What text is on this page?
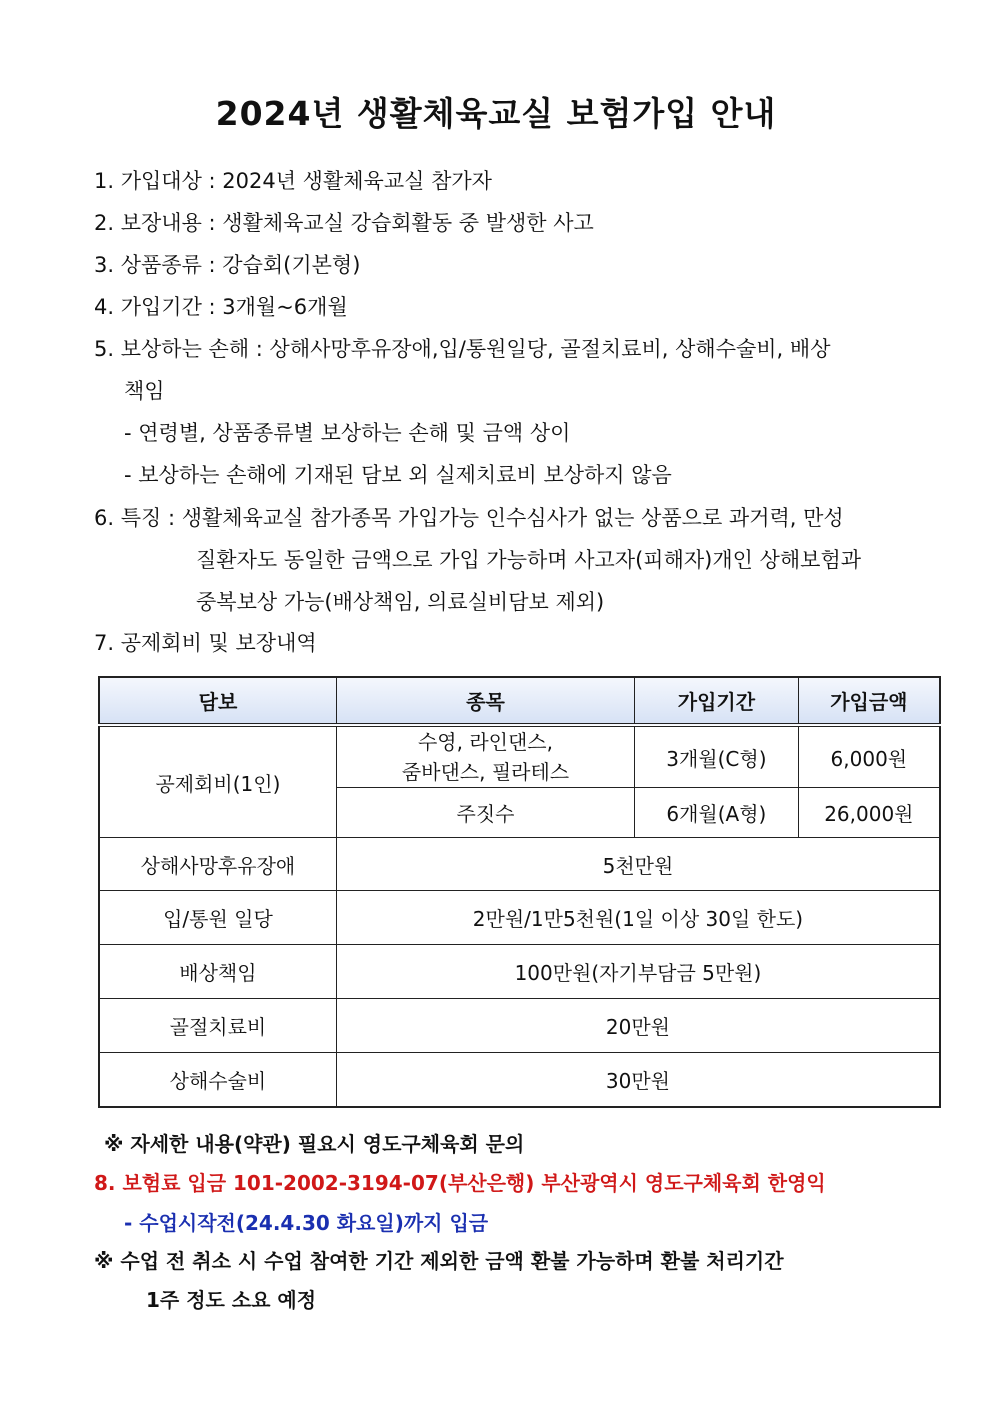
2024년 생활체육교실 보험가입 안내
1. 가입대상 : 2024년 생활체육교실 참가자
2. 보장내용 : 생활체육교실 강습회활동 중 발생한 사고
3. 상품종류 : 강습회(기본형)
4. 가입기간 : 3개월~6개월
5. 보상하는 손해 : 상해사망후유장애,입/통원일당, 골절치료비, 상해수술비, 배상
책임
- 연령별, 상품종류별 보상하는 손해 및 금액 상이
- 보상하는 손해에 기재된 담보 외 실제치료비 보상하지 않음
6. 특징 : 생활체육교실 참가종목 가입가능 인수심사가 없는 상품으로 과거력, 만성
질환자도 동일한 금액으로 가입 가능하며 사고자(피해자)개인 상해보험과
중복보상 가능(배상책임, 의료실비담보 제외)
7. 공제회비 및 보장내역
담보	종목	가입기간	가입금액
공제회비(1인)	수영, 라인댄스,
줌바댄스, 필라테스	3개월(C형)	6,000원
	주짓수	6개월(A형)	26,000원
상해사망후유장애	5천만원		
입/통원 일당	2만원/1만5천원(1일 이상 30일 한도)		
배상책임	100만원(자기부담금 5만원)		
골절치료비	20만원		
상해수술비	30만원		
※ 자세한 내용(약관) 필요시 영도구체육회 문의
8. 보험료 입금 101-2002-3194-07(부산은행) 부산광역시 영도구체육회 한영익
- 수업시작전(24.4.30 화요일)까지 입금
※ 수업 전 취소 시 수업 참여한 기간 제외한 금액 환불 가능하며 환불 처리기간
1주 정도 소요 예정
